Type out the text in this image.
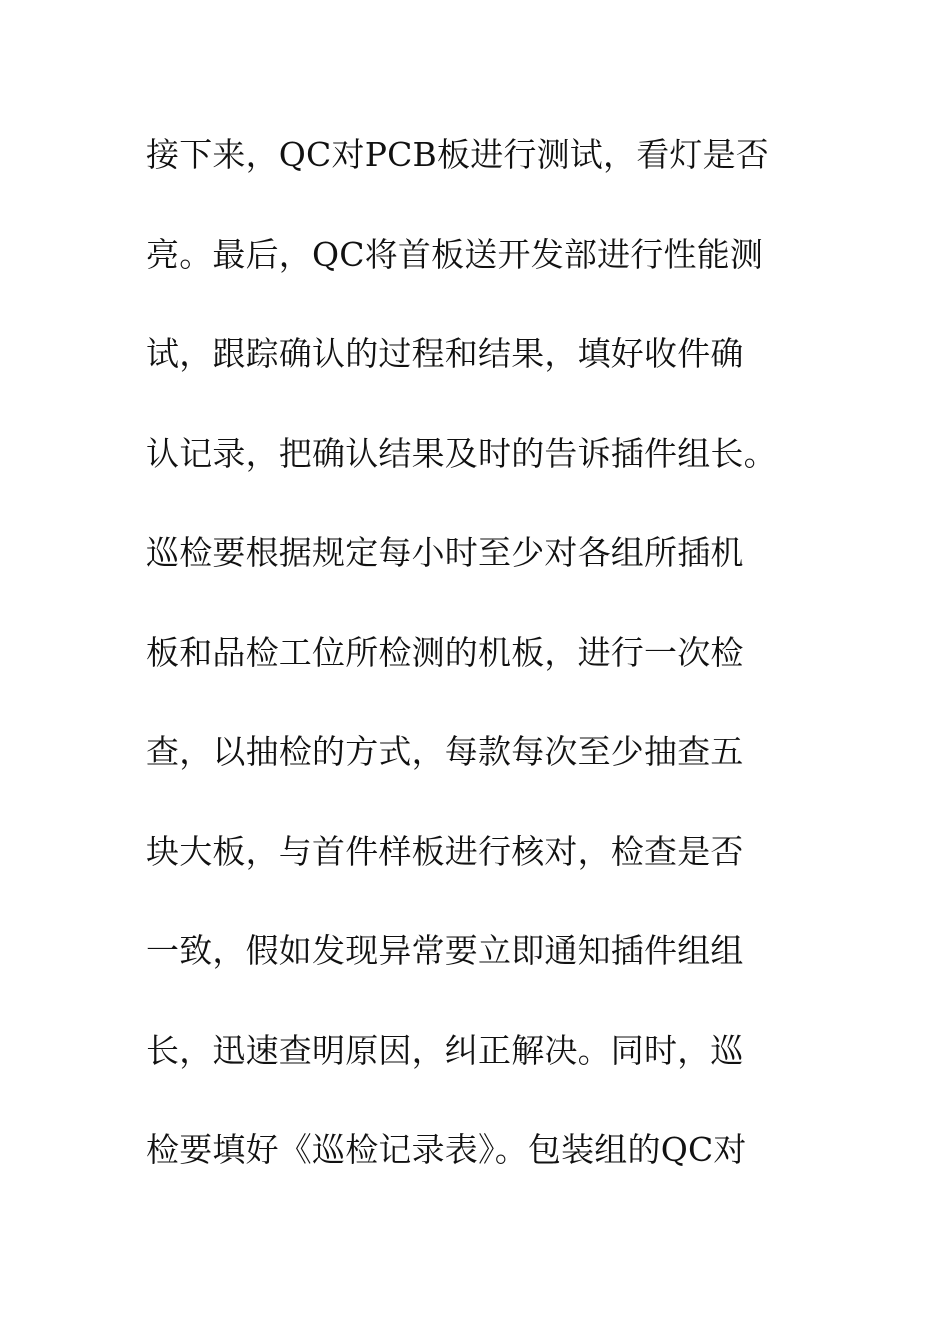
接下来，QC对PCB板进行测试，看灯是否
亮。最后，QC将首板送开发部进行性能测
试，跟踪确认的过程和结果，填好收件确
认记录，把确认结果及时的告诉插件组长。
巡检要根据规定每小时至少对各组所插机
板和品检工位所检测的机板，进行一次检
查，以抽检的方式，每款每次至少抽查五
块大板，与首件样板进行核对，检查是否
一致，假如发现异常要立即通知插件组组
长，迅速查明原因，纠正解决。同时，巡
检要填好《巡检记录表》。包装组的QC对
